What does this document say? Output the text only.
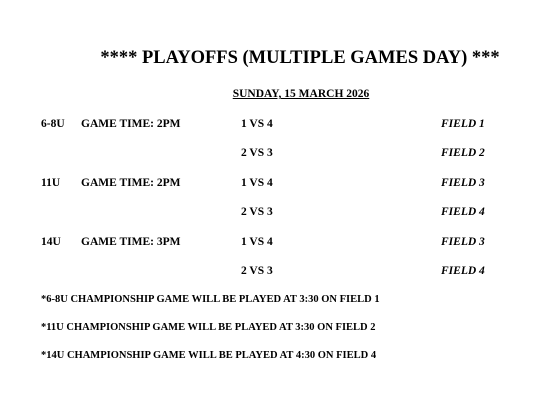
**** PLAYOFFS (MULTIPLE GAMES DAY) ***
SUNDAY, 15 MARCH 2026
6-8U GAME TIME: 2PM	1 VS 4	FIELD 1
2 VS 3	FIELD 2
11U GAME TIME: 2PM	1 VS 4	FIELD 3
2 VS 3	FIELD 4
14U GAME TIME: 3PM	1 VS 4	FIELD 3
2 VS 3	FIELD 4
*6-8U CHAMPIONSHIP GAME WILL BE PLAYED AT 3:30 ON FIELD 1
*11U CHAMPIONSHIP GAME WILL BE PLAYED AT 3:30 ON FIELD 2
*14U CHAMPIONSHIP GAME WILL BE PLAYED AT 4:30 ON FIELD 4
